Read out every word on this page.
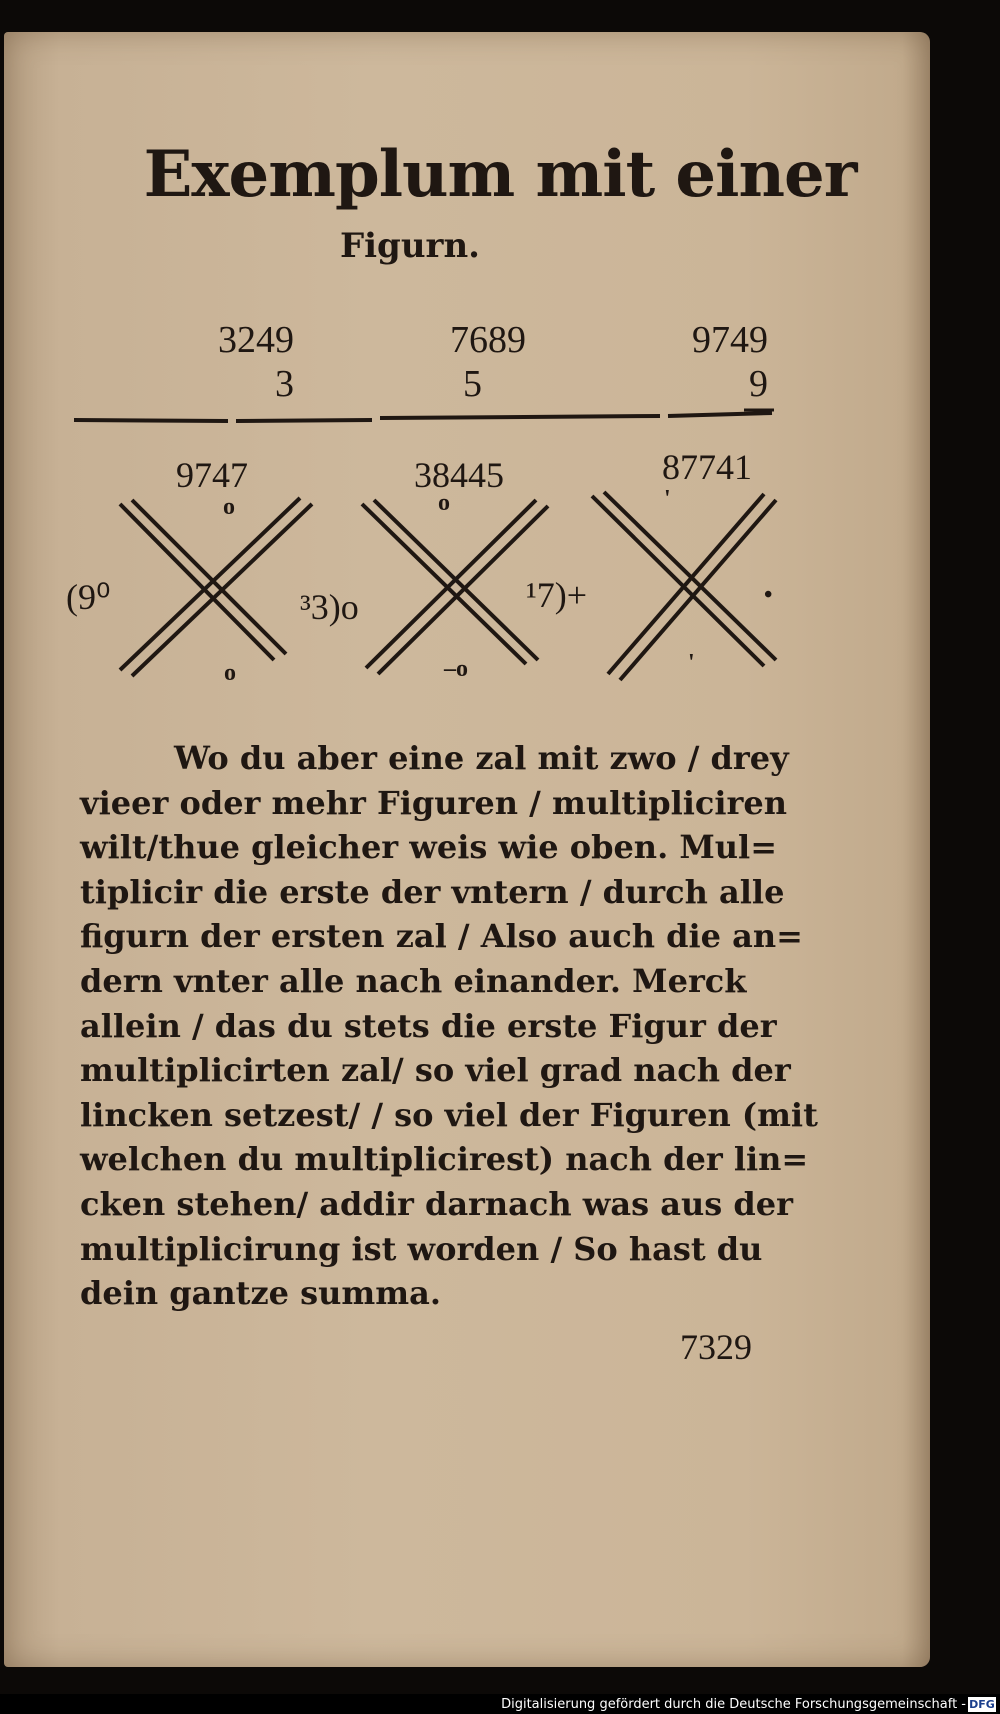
Exemplum mit einer
Figurn.
3249
3
7689
5
9749
9
9747	38445	87741
o
o
(9⁰
o
–o
³3)o
'
'
•
¹7)+
Wo du aber eine zal mit zwo / drey
vieer oder mehr Figuren / multipliciren
wilt/thue gleicher weis wie oben. Mul=
tiplicir die erste der vntern / durch alle
figurn der ersten zal / Also auch die an=
dern vnter alle nach einander. Merck
allein / das du stets die erste Figur der
multiplicirten zal/ so viel grad nach der
lincken setzest/ / so viel der Figuren (mit
welchen du multiplicirest) nach der lin=
cken stehen/ addir darnach was aus der
multiplicirung ist worden / So hast du
dein gantze summa.
7329
Digitalisierung gefördert durch die Deutsche Forschungsgemeinschaft - DFG
